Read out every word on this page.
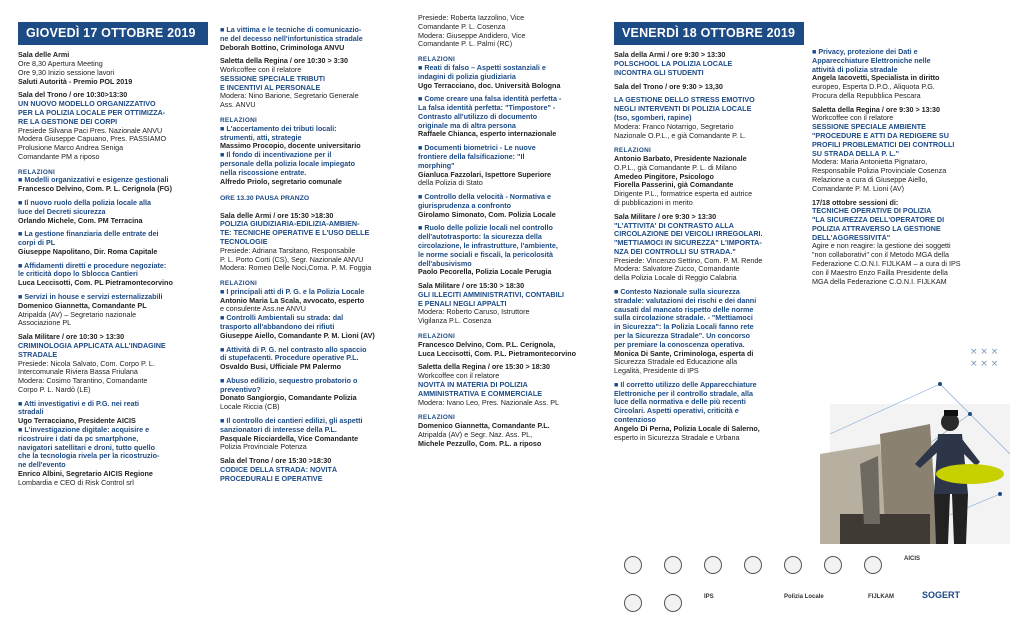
GIOVEDÌ 17 OTTOBRE 2019
Sala delle Armi
Ore 8,30 Apertura Meeting
Ore 9,30 Inizio sessione lavori
Saluti Autorità - Premio POL 2019
Sala del Trono / ore 10:30>13:30
UN NUOVO MODELLO ORGANIZZATIVO
PER LA POLIZIA LOCALE PER OTTIMIZZA-
RE LA GESTIONE DEI CORPI
Presiede Silvana Paci Pres. Nazionale ANVU
Modera Giuseppe Capuano, Pres. PASSIAMO
Prolusione Marco Andrea Seniga
Comandante PM a riposo
RELAZIONI
■ Modelli organizzativi e esigenze gestionali
Francesco Delvino, Com. P. L. Cerignola (FG)
■ Il nuovo ruolo della polizia locale alla
luce del Decreti sicurezza
Orlando Michele, Com. PM Terracina
■ La gestione finanziaria delle entrate dei
corpi di PL
Giuseppe Napolitano, Dir. Roma Capitale
■ Affidamenti diretti e procedure negoziate:
le criticità dopo lo Sblocca Cantieri
Luca Leccisotti, Com. PL Pietramontecorvino
■ Servizi in house e servizi esternalizzabili
Domenico Giannetta, Comandante PL
Atripalda (AV) – Segretario nazionale
Associazione PL
Sala Militare / ore 10:30 > 13:30
CRIMINOLOGIA APPLICATA ALL'INDAGINE
STRADALE
Presiede: Nicola Salvato, Com. Corpo P. L.
Intercomunale Riviera Bassa Friulana
Modera: Cosimo Tarantino, Comandante
Corpo P. L. Nardò (LE)
■ Atti investigativi e di P.G. nei reati
stradali
Ugo Terracciano, Presidente AICIS
■ L'investigazione digitale: acquisire e
ricostruire i dati da pc smartphone,
navigatori satellitari e droni, tutto quello
che la tecnologia rivela per la ricostruzio-
ne dell'evento
Enrico Albini, Segretario AICIS Regione
Lombardia e CEO di Risk Control srl
■ La vittima e le tecniche di comunicazio-
ne del decesso nell'infortunistica stradale
Deborah Bottino, Criminologa ANVU
Saletta della Regina / ore 10:30 > 3:30
Workcoffee con il relatore
SESSIONE SPECIALE TRIBUTI
E INCENTIVI AL PERSONALE
Modera: Nino Barione, Segretario Generale
Ass. ANVU
RELAZIONI
■ L'accertamento dei tributi locali:
strumenti, atti, strategie
Massimo Procopio, docente universitario
■ Il fondo di incentivazione per il
personale della polizia locale impiegato
nella riscossione entrate.
Alfredo Priolo, segretario comunale
ORE 13.30 PAUSA PRANZO
Sala delle Armi / ore 15:30 >18:30
POLIZIA GIUDIZIARIA-EDILIZIA-AMBIEN-
TE: TECNICHE OPERATIVE E L'USO DELLE
TECNOLOGIE
Presiede: Adriana Tarsitano, Responsabile
P. L. Porto Corti (CS), Segr. Nazionale ANVU
Modera: Romeo Delle Noci,Coma. P. M. Foggia
RELAZIONI
■ I principali atti di P. G. e la Polizia Locale
Antonio Maria La Scala, avvocato, esperto
e consulente Ass.ne ANVU
■ Controlli Ambientali su strada: dal
trasporto all'abbandono dei rifiuti
Giuseppe Aiello, Comandante P. M. Lioni (AV)
■ Attività di P. G. nel contrasto allo spaccio
di stupefacenti. Procedure operative P.L.
Osvaldo Busi, Ufficiale PM Palermo
■ Abuso edilizio, sequestro probatorio o
preventivo?
Donato Sangiorgio, Comandante Polizia
Locale Riccia (CB)
■ Il controllo dei cantieri edilizi, gli aspetti
sanzionatori di interesse della P.L.
Pasquale Ricciardella, Vice Comandante
Polizia Provinciale Potenza
Sala del Trono / ore 15:30 >18:30
CODICE DELLA STRADA: NOVITÀ
PROCEDURALI E OPERATIVE
Presiede: Roberta Iazzolino, Vice
Comandante P. L. Cosenza
Modera: Giuseppe Andidero, Vice
Comandante P. L. Palmi (RC)
RELAZIONI
■ Reati di falso – Aspetti sostanziali e
indagini di polizia giudiziaria
Ugo Terracciano, doc. Università Bologna
■ Come creare una falsa identità perfetta -
La falsa identità perfetta: "Timpostore" -
Contrasto all'utilizzo di documento
originale ma di altra persona
Raffaele Chianca, esperto internazionale
■ Documenti biometrici - Le nuove
frontiere della falsificazione: "Il
morphing"
Gianluca Fazzolari, Ispettore Superiore
della Polizia di Stato
■ Controllo della velocità - Normativa e
giurisprudenza a confronto
Girolamo Simonato, Com. Polizia Locale
■ Ruolo delle polizie locali nel controllo
dell'autotrasporto: la sicurezza della
circolazione, le infrastrutture, l'ambiente,
le norme sociali e fiscali, la pericolosità
dell'abusivismo
Paolo Pecorella, Polizia Locale Perugia
Sala Militare / ore 15:30 > 18:30
GLI ILLECITI AMMINISTRATIVI, CONTABILI
E PENALI NEGLI APPALTI
Modera: Roberto Caruso, Istruttore
Vigilanza P.L. Cosenza
RELAZIONI
Francesco Delvino, Com. P.L. Cerignola,
Luca Leccisotti, Com. P.L. Pietramontecorvino
Saletta della Regina / ore 15:30 > 18:30
Workcoffee con il relatore
NOVITÀ IN MATERIA DI POLIZIA
AMMINISTRATIVA E COMMERCIALE
Modera: Ivano Leo, Pres. Nazionale Ass. PL
RELAZIONI
Domenico Giannetta, Comandante P.L.
Atripalda (AV) e Segr. Naz. Ass. PL,
Michele Pezzullo, Com. P.L. a riposo
VENERDÌ 18 OTTOBRE 2019
Sala della Armi / ore 9:30 > 13:30
POLSCHOOL LA POLIZIA LOCALE
INCONTRA GLI STUDENTI
Sala del Trono / ore 9:30 > 13,30
LA GESTIONE DELLO STRESS EMOTIVO
NEGLI INTERVENTI DI POLIZIA LOCALE
(tso, sgomberi, rapine)
Modera: Franco Notarrigo, Segretario
Nazionale O.P.L., e già Comandante P. L.
RELAZIONI
Antonio Barbato, Presidente Nazionale
O.P.L., già Comandante P. L. di Milano
Amedeo Pingitore, Psicologo
Fiorella Passerini, già Comandante
Dirigente P.L., formatrice esperta ed autrice
di pubblicazioni in merito
Sala Militare / ore 9:30 > 13:30
"L'ATTIVITA' DI CONTRASTO ALLA
CIRCOLAZIONE DEI VEICOLI IRREGOLARI.
"METTIAMOCI IN SICUREZZA" L'IMPORTA-
NZA DEI CONTROLLI SU STRADA."
Presiede: Vincenzo Settino, Com. P. M. Rende
Modera: Salvatore Zucco, Comandante
della Polizia Locale di Reggio Calabria
■ Contesto Nazionale sulla sicurezza
stradale: valutazioni dei rischi e dei danni
causati dal mancato rispetto delle norme
sulla circolazione stradale. - "Mettiamoci
in Sicurezza": la Polizia Locali fanno rete
per la Sicurezza Stradale". Un concorso
per premiare la conoscenza operativa.
Monica Di Sante, Criminologa, esperta di
Sicurezza Stradale ed Educazione alla
Legalità, Presidente di IPS
■ Il corretto utilizzo delle Apparecchiature
Elettroniche per il controllo stradale, alla
luce della normativa e delle più recenti
Circolari. Aspetti operativi, criticità e
contenzioso
Angelo Di Perna, Polizia Locale di Salerno,
esperto in Sicurezza Stradale e Urbana
■ Privacy, protezione dei Dati e
Apparecchiature Elettroniche nelle
attività di polizia stradale
Angela Iacovetti, Specialista in diritto
europeo, Esperta D.P.O., Aliquota P.G.
Procura della Repubblica Pescara
Saletta della Regina / ore 9:30 > 13:30
Workcoffee con il relatore
SESSIONE SPECIALE AMBIENTE
"PROCEDURE E ATTI DA REDIGERE SU
PROFILI PROBLEMATICI DEI CONTROLLI
SU STRADA DELLA P. L."
Modera: Maria Antonietta Pignataro,
Responsabile Polizia Provinciale Cosenza
Relazione a cura di Giuseppe Aiello,
Comandante P. M. Lioni (AV)
17/18 ottobre sessioni di:
TECNICHE OPERATIVE DI POLIZIA
"LA SICUREZZA DELL'OPERATORE DI
POLIZIA ATTRAVERSO LA GESTIONE
DELL'AGGRESSIVITÀ"
Agire e non reagire: la gestione dei soggetti
"non collaborativi" con il Metodo MGA della
Federazione C.O.N.I. FIJLKAM – a cura di IPS
con il Maestro Enzo Failla Presidente della
MGA della Federazione C.O.N.I. FIJLKAM
× × ×
× × ×
AICIS
IPS	Polizia Locale	FIJLKAM	SOGERT
